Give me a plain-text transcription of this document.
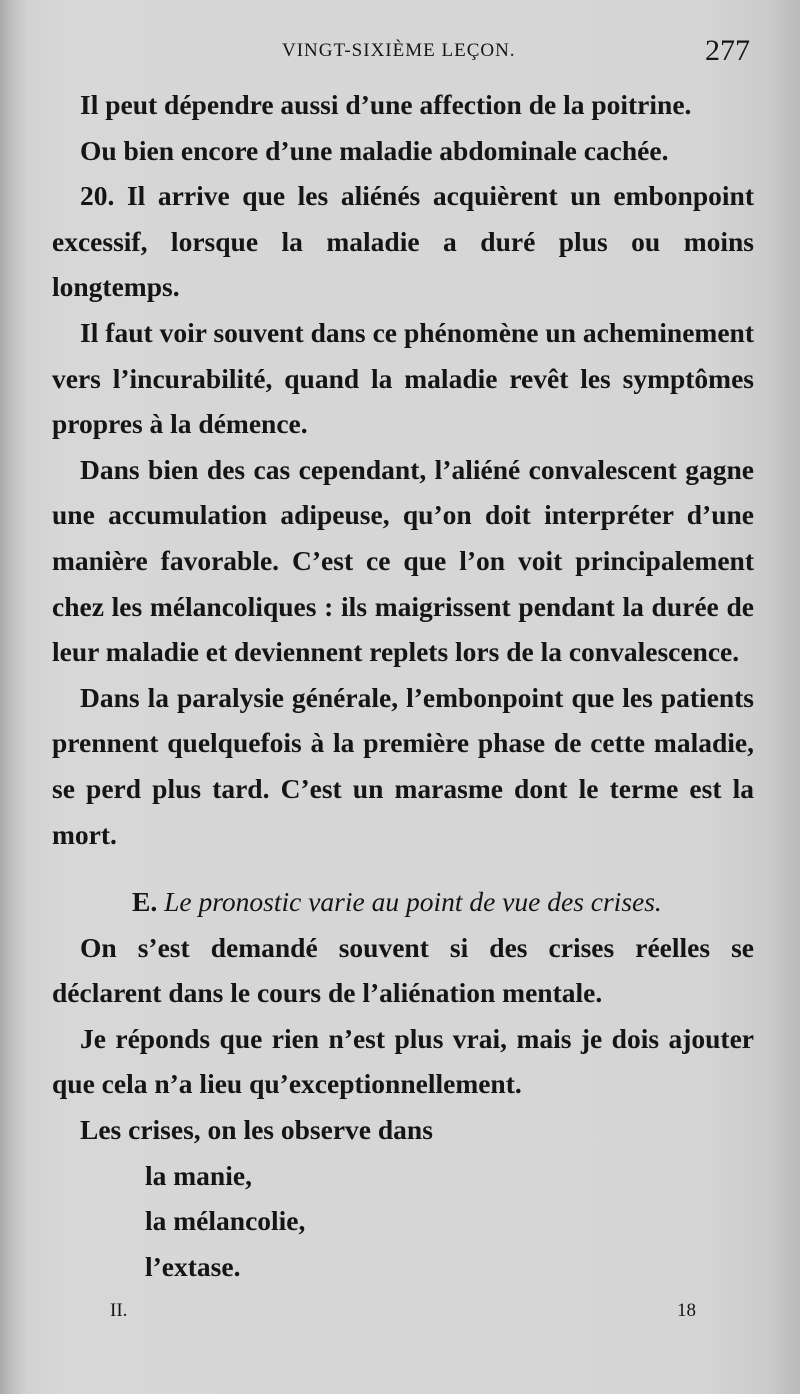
VINGT-SIXIÈME LEÇON.	277

Il peut dépendre aussi d’une affection de la poitrine.

Ou bien encore d’une maladie abdominale cachée.

20. Il arrive que les aliénés acquièrent un embonpoint excessif, lorsque la maladie a duré plus ou moins longtemps.

Il faut voir souvent dans ce phénomène un acheminement vers l’incurabilité, quand la maladie revêt les symptômes propres à la démence.

Dans bien des cas cependant, l’aliéné convalescent gagne une accumulation adipeuse, qu’on doit interpréter d’une manière favorable. C’est ce que l’on voit principalement chez les mélancoliques : ils maigrissent pendant la durée de leur maladie et deviennent replets lors de la convalescence.

Dans la paralysie générale, l’embonpoint que les patients prennent quelquefois à la première phase de cette maladie, se perd plus tard. C’est un marasme dont le terme est la mort.

E. Le pronostic varie au point de vue des crises.

On s’est demandé souvent si des crises réelles se déclarent dans le cours de l’aliénation mentale.

Je réponds que rien n’est plus vrai, mais je dois ajouter que cela n’a lieu qu’exceptionnellement.

Les crises, on les observe dans

la manie,
la mélancolie,
l’extase.
II.	18
